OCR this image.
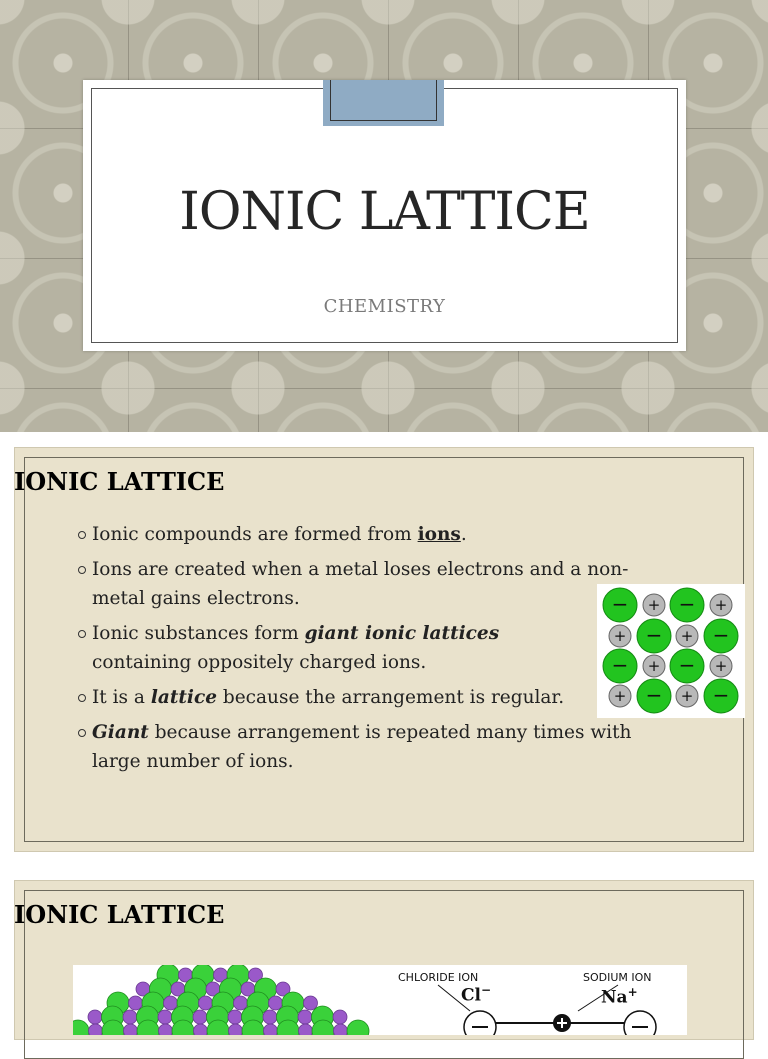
IONIC LATTICE
CHEMISTRY
IONIC LATTICE
Ionic compounds are formed from ions.
Ions are created when a metal loses electrons and a non-metal gains electrons.
Ionic substances form giant ionic lattices containing oppositely charged ions.
It is a lattice because the arrangement is regular.
Giant because arrangement is repeated many times with large number of ions.
− + − +
+ − + −
− + − +
+ − + −
IONIC LATTICE
CHLORIDE ION
Cl−
SODIUM ION
Na+
